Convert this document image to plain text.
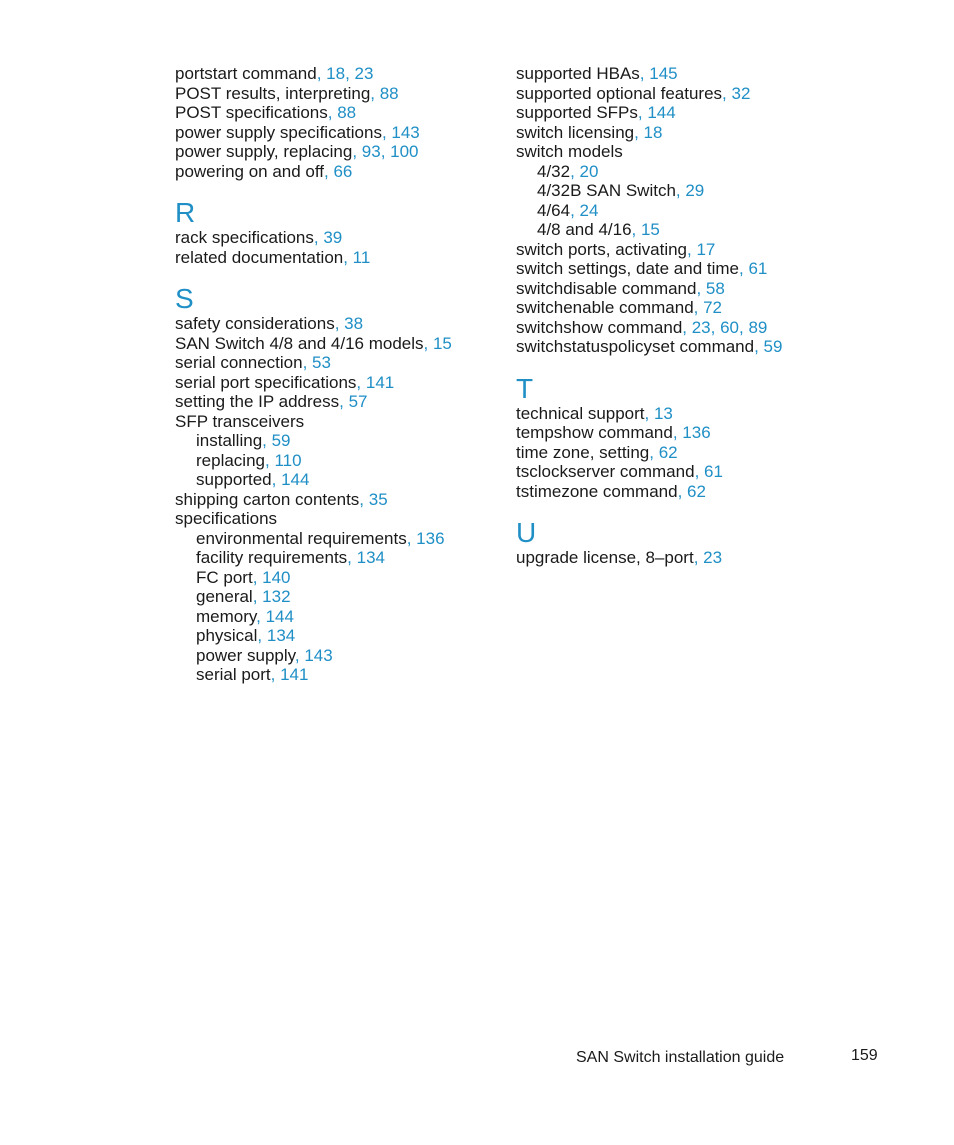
portstart command, 18, 23
POST results, interpreting, 88
POST specifications, 88
power supply specifications, 143
power supply, replacing, 93, 100
powering on and off, 66
R
rack specifications, 39
related documentation, 11
S
safety considerations, 38
SAN Switch 4/8 and 4/16 models, 15
serial connection, 53
serial port specifications, 141
setting the IP address, 57
SFP transceivers
installing, 59
replacing, 110
supported, 144
shipping carton contents, 35
specifications
environmental requirements, 136
facility requirements, 134
FC port, 140
general, 132
memory, 144
physical, 134
power supply, 143
serial port, 141
supported HBAs, 145
supported optional features, 32
supported SFPs, 144
switch licensing, 18
switch models
4/32, 20
4/32B SAN Switch, 29
4/64, 24
4/8 and 4/16, 15
switch ports, activating, 17
switch settings, date and time, 61
switchdisable command, 58
switchenable command, 72
switchshow command, 23, 60, 89
switchstatuspolicyset command, 59
T
technical support, 13
tempshow command, 136
time zone, setting, 62
tsclockserver command, 61
tstimezone command, 62
U
upgrade license, 8–port, 23
SAN Switch installation guide	159
